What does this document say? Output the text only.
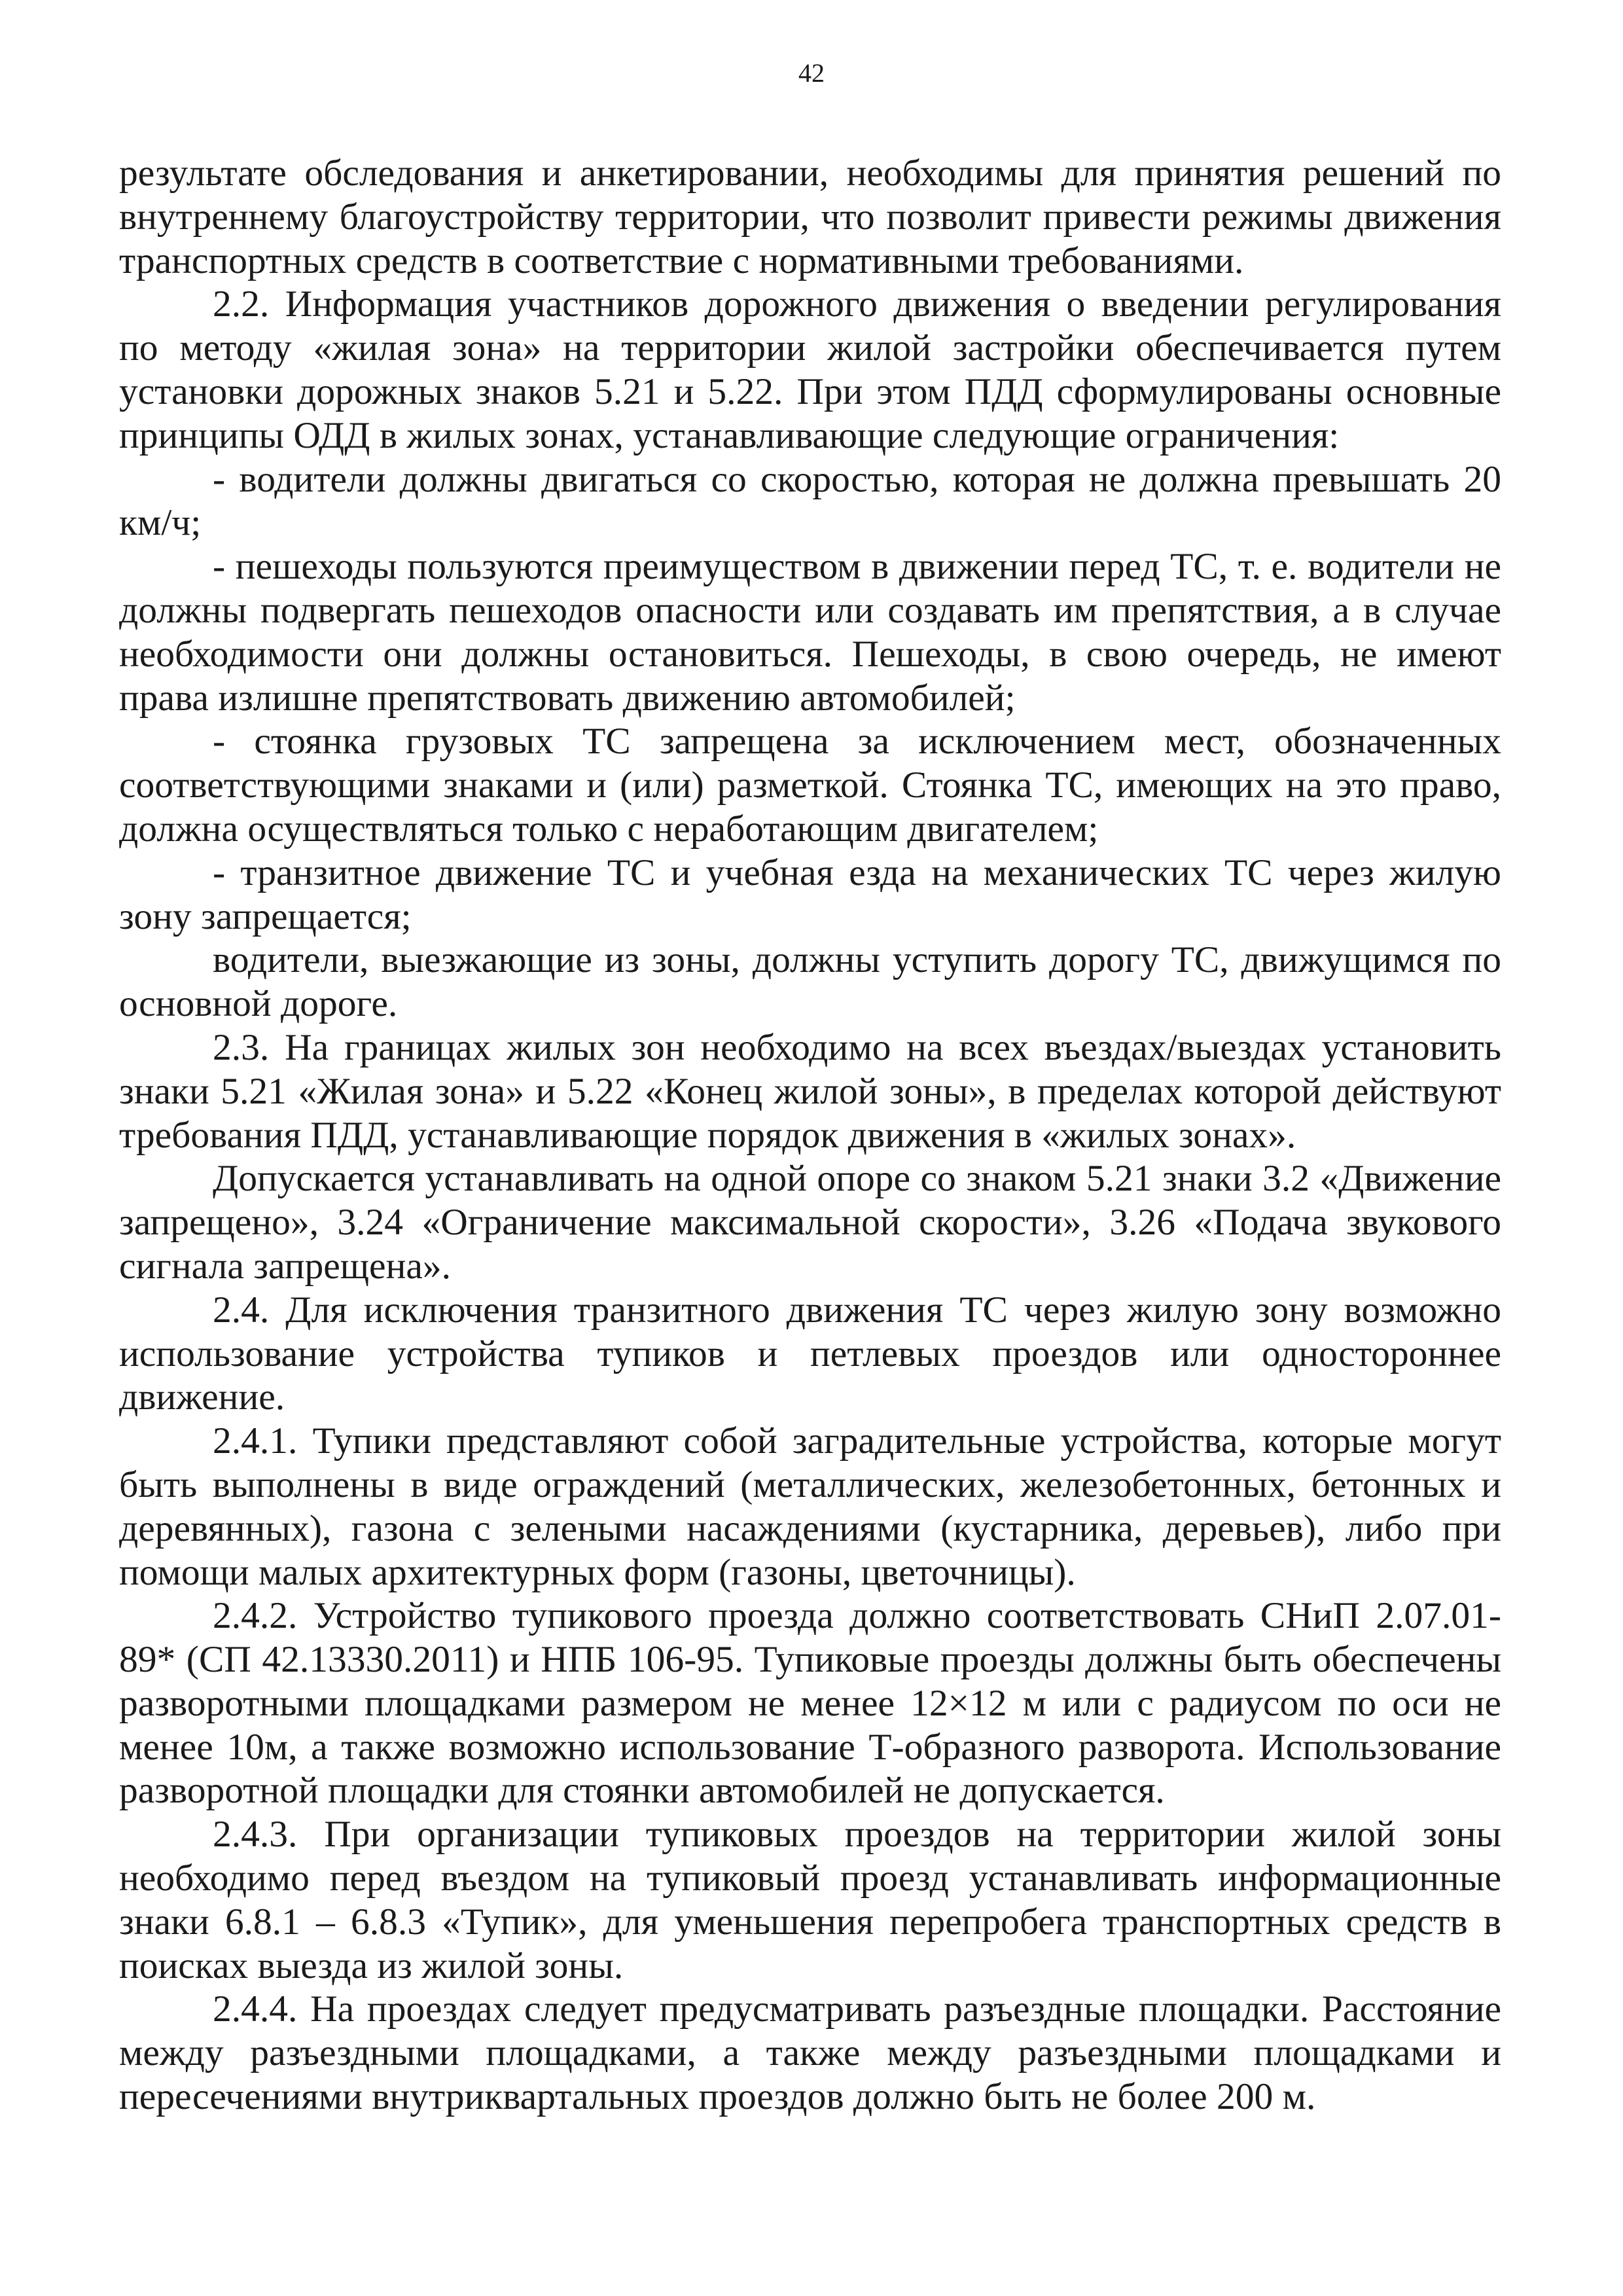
42

результате обследования и анкетировании, необходимы для принятия решений по внутреннему благоустройству территории, что позволит привести режимы движения транспортных средств в соответствие с нормативными требованиями.

2.2. Информация участников дорожного движения о введении регулирования по методу «жилая зона» на территории жилой застройки обеспечивается путем установки дорожных знаков 5.21 и 5.22. При этом ПДД сформулированы основные принципы ОДД в жилых зонах, устанавливающие следующие ограничения:

- водители должны двигаться со скоростью, которая не должна превышать 20 км/ч;

- пешеходы пользуются преимуществом в движении перед ТС, т. е. водители не должны подвергать пешеходов опасности или создавать им препятствия, а в случае необходимости они должны остановиться. Пешеходы, в свою очередь, не имеют права излишне препятствовать движению автомобилей;

- стоянка грузовых ТС запрещена за исключением мест, обозначенных соответствующими знаками и (или) разметкой. Стоянка ТС, имеющих на это право, должна осуществляться только с неработающим двигателем;

- транзитное движение ТС и учебная езда на механических ТС через жилую зону запрещается;

водители, выезжающие из зоны, должны уступить дорогу ТС, движущимся по основной дороге.

2.3. На границах жилых зон необходимо на всех въездах/выездах установить знаки 5.21 «Жилая зона» и 5.22 «Конец жилой зоны», в пределах которой действуют требования ПДД, устанавливающие порядок движения в «жилых зонах».

Допускается устанавливать на одной опоре со знаком 5.21 знаки 3.2 «Движение запрещено», 3.24 «Ограничение максимальной скорости», 3.26 «Подача звукового сигнала запрещена».

2.4. Для исключения транзитного движения ТС через жилую зону возможно использование устройства тупиков и петлевых проездов или одностороннее движение.

2.4.1. Тупики представляют собой заградительные устройства, которые могут быть выполнены в виде ограждений (металлических, железобетонных, бетонных и деревянных), газона с зелеными насаждениями (кустарника, деревьев), либо при помощи малых архитектурных форм (газоны, цветочницы).

2.4.2. Устройство тупикового проезда должно соответствовать СНиП 2.07.01-89* (СП 42.13330.2011) и НПБ 106-95. Тупиковые проезды должны быть обеспечены разворотными площадками размером не менее 12×12 м или с радиусом по оси не менее 10м, а также возможно использование Т-образного разворота. Использование разворотной площадки для стоянки автомобилей не допускается.

2.4.3. При организации тупиковых проездов на территории жилой зоны необходимо перед въездом на тупиковый проезд устанавливать информационные знаки 6.8.1 – 6.8.3 «Тупик», для уменьшения перепробега транспортных средств в поисках выезда из жилой зоны.

2.4.4. На проездах следует предусматривать разъездные площадки. Расстояние между разъездными площадками, а также между разъездными площадками и пересечениями внутриквартальных проездов должно быть не более 200 м.
